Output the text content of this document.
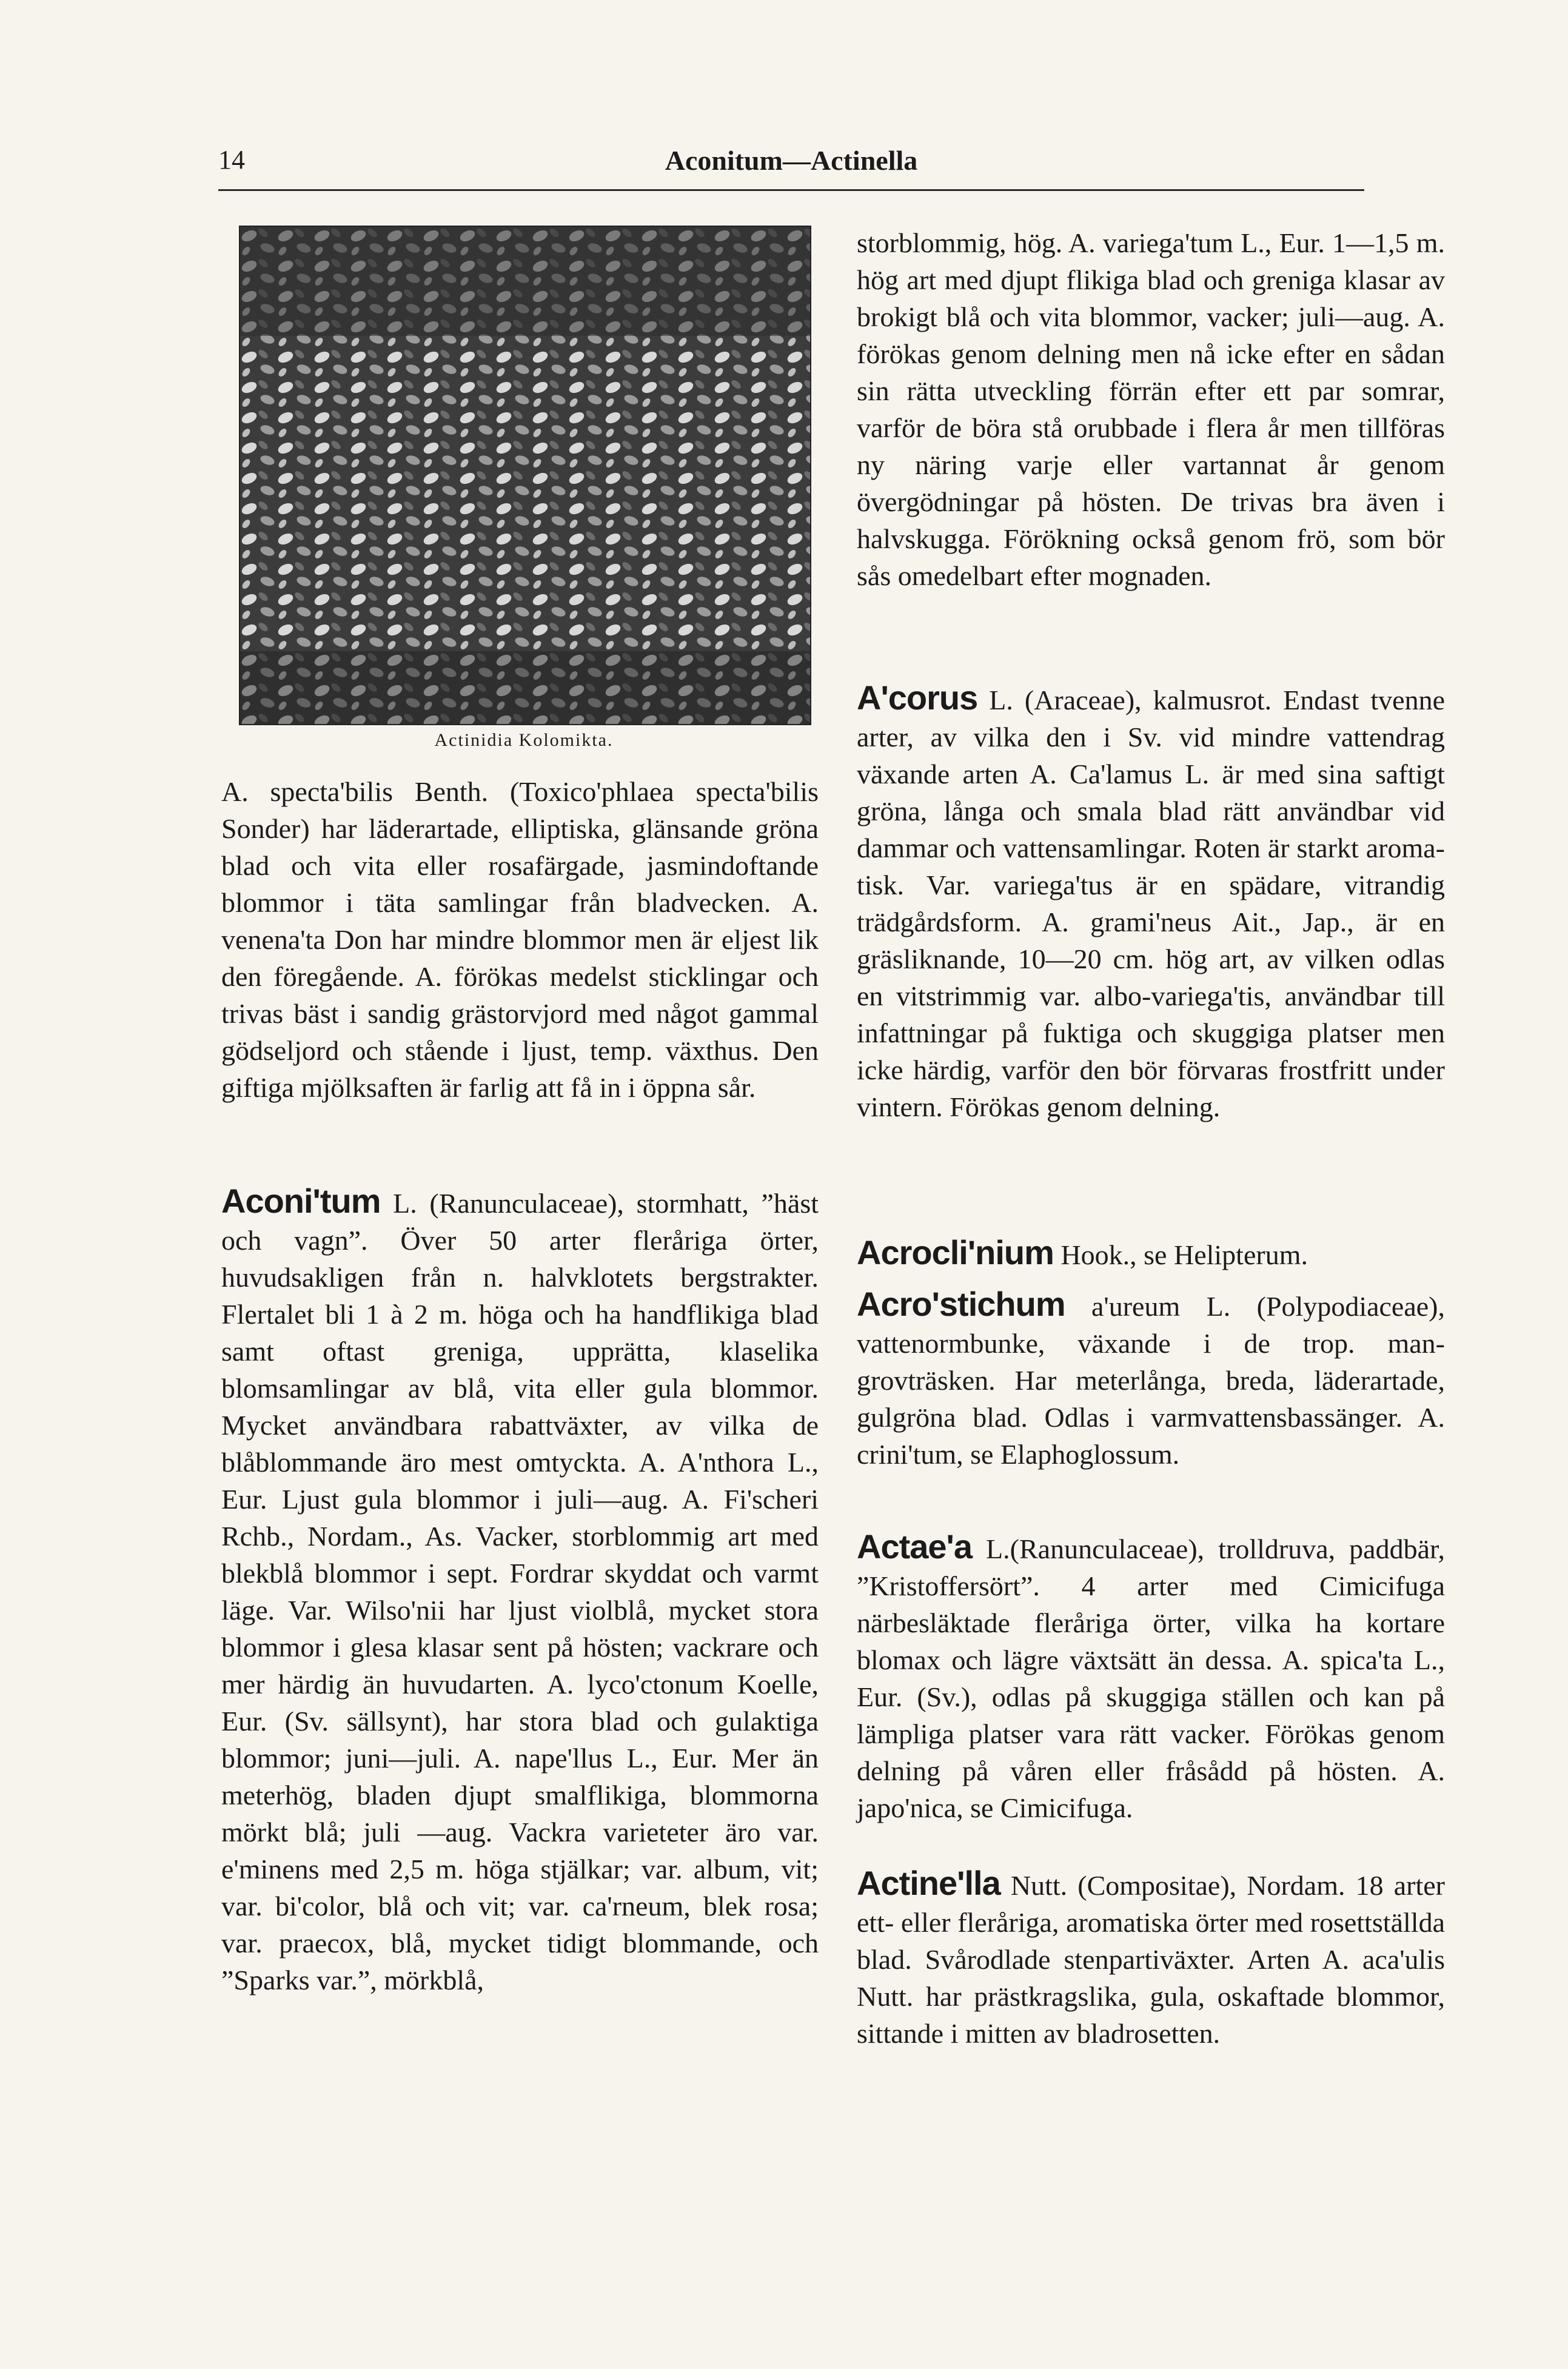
14	Aconitum—Actinella
Actinidia Kolomikta.

A. specta'bilis Benth. (Toxico'phlaea specta'bilis Sonder) har läderartade, elliptiska, glänsande gröna blad och vita eller rosafärgade, jasmindoftande blommor i täta samlingar från bladvecken. A. venena'ta Don har mindre blommor men är eljest lik den föregående. A. förökas medelst sticklingar och trivas bäst i sandig grästorvjord med något gammal gödseljord och stående i ljust, temp. växthus. Den giftiga mjölksaften är farlig att få in i öppna sår.

Aconi'tum L. (Ranunculaceae), stormhatt, ”häst och vagn”. Över 50 arter fleråriga örter, huvudsakligen från n. halvklotets bergstrakter. Flertalet bli 1 à 2 m. höga och ha handflikiga blad samt oftast greniga, upprätta, klaselika blomsamlingar av blå, vita eller gula blommor. Mycket användbara rabattväxter, av vilka de blåblommande äro mest omtyckta. A. A'nthora L., Eur. Ljust gula blommor i juli—aug. A. Fi'scheri Rchb., Nordam., As. Vacker, storblommig art med blekblå blommor i sept. Fordrar skyddat och varmt läge. Var. Wilso'nii har ljust violblå, mycket stora blommor i glesa klasar sent på hösten; vackrare och mer härdig än huvudarten. A. lyco'ctonum Koelle, Eur. (Sv. sällsynt), har stora blad och gulaktiga blommor; juni—juli. A. nape'llus L., Eur. Mer än meterhög, bladen djupt smalflikiga, blommorna mörkt blå; juli —aug. Vackra varieteter äro var. e'minens med 2,5 m. höga stjälkar; var. album, vit; var. bi'color, blå och vit; var. ca'rneum, blek rosa; var. praecox, blå, mycket tidigt blommande, och ”Sparks var.”, mörkblå,

storblommig, hög. A. variega'tum L., Eur. 1—1,5 m. hög art med djupt flikiga blad och greniga klasar av brokigt blå och vita blommor, vacker; juli—aug. A. förökas genom delning men nå icke efter en sådan sin rätta utveckling förrän efter ett par somrar, varför de böra stå orubbade i flera år men tillföras ny näring varje eller vartannat år genom övergödningar på hösten. De trivas bra även i halvskugga. Förökning också genom frö, som bör sås omedelbart efter mognaden.

A'corus L. (Araceae), kalmusrot. Endast tvenne arter, av vilka den i Sv. vid mindre vattendrag växande arten A. Ca'lamus L. är med sina saftigt gröna, långa och smala blad rätt användbar vid dammar och vattensamlingar. Roten är starkt aromatisk. Var. variega'tus är en spädare, vitrandig trädgårdsform. A. grami'neus Ait., Jap., är en gräsliknande, 10—20 cm. hög art, av vilken odlas en vitstrimmig var. albo-variega'tis, användbar till infattningar på fuktiga och skuggiga platser men icke härdig, varför den bör förvaras frostfritt under vintern. Förökas genom delning.

Acrocli'nium Hook., se Helipterum.

Acro'stichum a'ureum L. (Polypodiaceae), vattenormbunke, växande i de trop. mangrovträsken. Har meterlånga, breda, läderartade, gulgröna blad. Odlas i varmvattensbassänger. A. crini'tum, se Elaphoglossum.

Actae'a L.(Ranunculaceae), trolldruva, paddbär, ”Kristoffersört”. 4 arter med Cimicifuga närbesläktade fleråriga örter, vilka ha kortare blomax och lägre växtsätt än dessa. A. spica'ta L., Eur. (Sv.), odlas på skuggiga ställen och kan på lämpliga platser vara rätt vacker. Förökas genom delning på våren eller fråsådd på hösten. A. japo'nica, se Cimicifuga.

Actine'lla Nutt. (Compositae), Nordam. 18 arter ett- eller fleråriga, aromatiska örter med rosettställda blad. Svårodlade stenpartiväxter. Arten A. aca'ulis Nutt. har prästkragslika, gula, oskaftade blommor, sittande i mitten av bladrosetten.
